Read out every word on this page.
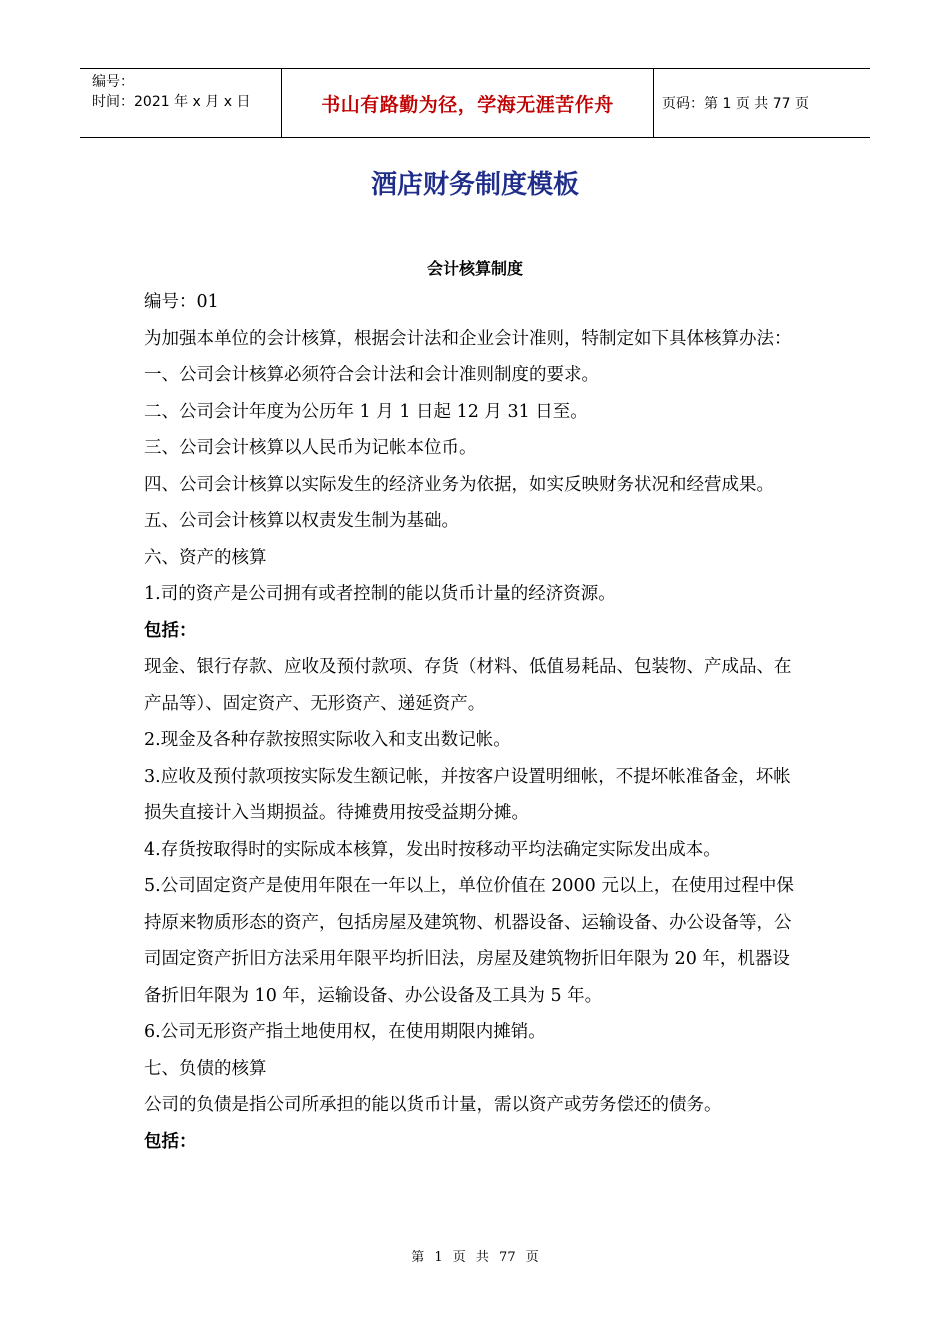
编号：
时间：2021 年 x 月 x 日	书山有路勤为径，学海无涯苦作舟	页码：第 1 页 共 77 页
酒店财务制度模板
会计核算制度

编号：01

为加强本单位的会计核算，根据会计法和企业会计准则，特制定如下具体核算办法：

一、公司会计核算必须符合会计法和会计准则制度的要求。

二、公司会计年度为公历年 1 月 1 日起 12 月 31 日至。

三、公司会计核算以人民币为记帐本位币。

四、公司会计核算以实际发生的经济业务为依据，如实反映财务状况和经营成果。

五、公司会计核算以权责发生制为基础。

六、资产的核算

1.司的资产是公司拥有或者控制的能以货币计量的经济资源。

包括：

现金、银行存款、应收及预付款项、存货（材料、低值易耗品、包装物、产成品、在产品等）、固定资产、无形资产、递延资产。

2.现金及各种存款按照实际收入和支出数记帐。

3.应收及预付款项按实际发生额记帐，并按客户设置明细帐，不提坏帐准备金，坏帐损失直接计入当期损益。待摊费用按受益期分摊。

4.存货按取得时的实际成本核算，发出时按移动平均法确定实际发出成本。

5.公司固定资产是使用年限在一年以上，单位价值在 2000 元以上，在使用过程中保持原来物质形态的资产，包括房屋及建筑物、机器设备、运输设备、办公设备等，公司固定资产折旧方法采用年限平均折旧法，房屋及建筑物折旧年限为 20 年，机器设备折旧年限为 10 年，运输设备、办公设备及工具为 5 年。

6.公司无形资产指土地使用权，在使用期限内摊销。

七、负债的核算

公司的负债是指公司所承担的能以货币计量，需以资产或劳务偿还的债务。

包括：

第 1 页 共 77 页
